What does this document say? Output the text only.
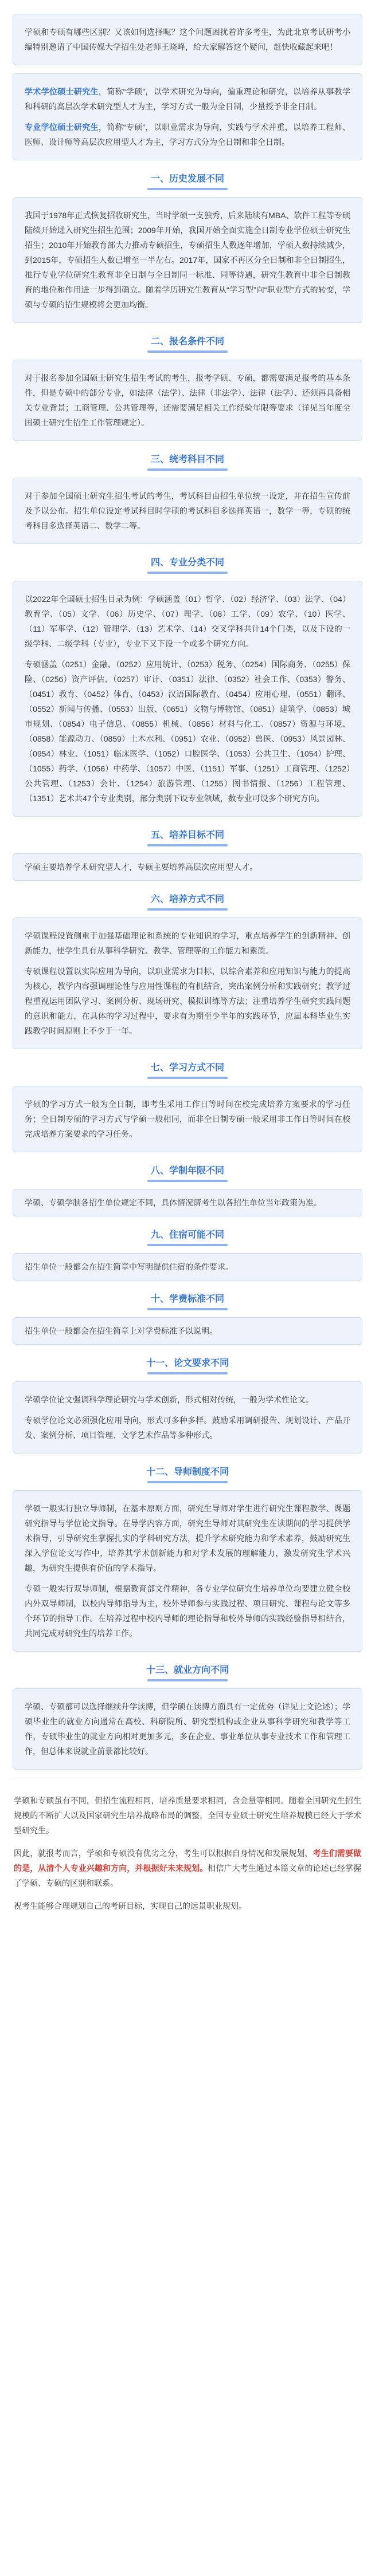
学硕和专硕有哪些区别？又该如何选择呢？这个问题困扰着许多考生，为此北京考试研考小编特别邀请了中国传媒大学招生处老师王晓峰，给大家解答这个疑问，赶快收藏起来吧！

学术学位硕士研究生，简称“学硕”，以学术研究为导向，偏重理论和研究，以培养从事教学和科研的高层次学术研究型人才为主，学习方式一般为全日制，少量授予非全日制。

专业学位硕士研究生，简称“专硕”，以职业需求为导向，实践与学术并重，以培养工程师、医师、设计师等高层次应用型人才为主，学习方式分为全日制和非全日制。

一、历史发展不同

我国于1978年正式恢复招收研究生，当时学硕一支独秀，后来陆续有MBA、软件工程等专硕陆续开始进入研究生招生范围；2009年开始，我国开始全面实施全日制专业学位硕士研究生招生；2010年开始教育部大力推动专硕招生，专硕招生人数逐年增加，学硕人数持续减少，到2015年，专硕招生人数已增至一半左右。2017年，国家不再区分全日制和非全日制招生，推行专业学位研究生教育非全日制与全日制同一标准、同等待遇，研究生教育中非全日制教育的地位和作用进一步得到确立。随着学历研究生教育从“学习型”向“职业型”方式的转变，学硕与专硕的招生规模将会更加均衡。

二、报名条件不同

对于报名参加全国硕士研究生招生考试的考生，报考学硕、专硕，都需要满足报考的基本条件，但是专硕中的部分专业，如法律（法学）、法律（非法学）、法律（法学）、还须再具备相关专业背景；工商管理、公共管理等，还需要满足相关工作经验年限等要求（详见当年度全国硕士研究生招生工作管理规定）。

三、统考科目不同

对于参加全国硕士研究生招生考试的考生，考试科目由招生单位统一设定，并在招生宣传前及予以公布。招生单位设定考试科目时学硕的考试科目多选择英语一，数学一等，专硕的统考科目多选择英语二、数学二等。

四、专业分类不同

以2022年全国硕士招生目录为例：学硕涵盖（01）哲学、（02）经济学、（03）法学、（04）教育学、（05）文学、（06）历史学、（07）理学、（08）工学、（09）农学、（10）医学、（11）军事学、（12）管理学、（13）艺术学、（14）交叉学科共计14个门类，以及下设的一级学科、二级学科（专业），专业下又下设一个或多个研究方向。

专硕涵盖（0251）金融、（0252）应用统计、（0253）税务、（0254）国际商务、（0255）保险、（0256）资产评估、（0257）审计、（0351）法律、（0352）社会工作、（0353）警务、（0451）教育、（0452）体育、（0453）汉语国际教育、（0454）应用心理、（0551）翻译、（0552）新闻与传播、（0553）出版、（0651）文物与博物馆、（0851）建筑学、（0853）城市规划、（0854）电子信息、（0855）机械、（0856）材料与化工、（0857）资源与环境、（0858）能源动力、（0859）土木水利、（0951）农业、（0952）兽医、（0953）风景园林、（0954）林业、（1051）临床医学、（1052）口腔医学、（1053）公共卫生、（1054）护理、（1055）药学、（1056）中药学、（1057）中医、（1151）军事、（1251）工商管理、（1252）公共管理、（1253）会计、（1254）旅游管理、（1255）图书情报、（1256）工程管理、（1351）艺术共47个专业类别，部分类别下设专业领域，数专业可设多个研究方向。

五、培养目标不同

学硕主要培养学术研究型人才，专硕主要培养高层次应用型人才。

六、培养方式不同

学硕课程设置侧重于加强基础理论和系统的专业知识的学习，重点培养学生的创新精神、创新能力，使学生具有从事科学研究、教学、管理等的工作能力和素质。

专硕课程设置以实际应用为导向，以职业需求为目标，以综合素养和应用知识与能力的提高为核心，教学内容强调理论性与应用性课程的有机结合，突出案例分析和实践研究；教学过程重视运用团队学习、案例分析、现场研究、模拟训练等方法；注重培养学生研究实践问题的意识和能力，在具体的学习过程中，要求有为期至少半年的实践环节，应届本科毕业生实践教学时间原则上不少于一年。

七、学习方式不同

学硕的学习方式一般为全日制，即考生采用工作日等时间在校完成培养方案要求的学习任务；全日制专硕的学习方式与学硕一般相同，而非全日制专硕一般采用非工作日等时间在校完成培养方案要求的学习任务。

八、学制年限不同

学硕、专硕学制各招生单位规定不同，具体情况请考生以各招生单位当年政策为准。

九、住宿可能不同

招生单位一般都会在招生简章中写明提供住宿的条件要求。

十、学费标准不同

招生单位一般都会在招生简章上对学费标准予以说明。

十一、论文要求不同

学硕学位论文强调科学理论研究与学术创新，形式相对传统，一般为学术性论文。

专硕学位论文必须强化应用导向，形式可多种多样。鼓励采用调研报告、规划设计、产品开发、案例分析、项目管理、文学艺术作品等多种形式。

十二、导师制度不同

学硕一般实行独立导师制，在基本原则方面，研究生导师对学生进行研究生课程教学、课题研究指导与学位论文指导。在导学内容方面，研究生导师对其研究生在读期间的学习提供学术指导，引导研究生掌握扎实的学科研究方法，提升学术研究能力和学术素养，鼓励研究生深入学位论文写作中，培养其学术创新能力和对学术发展的理解能力，激发研究生学术兴趣，为研究生提供有价值的学术指导。

专硕一般实行双导师制，根据教育部文件精神，各专业学位研究生培养单位均要建立健全校内外双导师制，以校内导师指导为主，校外导师参与实践过程、项目研究、课程与论文等多个环节的指导工作。在培养过程中校内导师的理论指导和校外导师的实践经验指导相结合，共同完成对研究生的培养工作。

十三、就业方向不同

学硕、专硕都可以选择继续升学读博，但学硕在读博方面具有一定优势（详见上文论述）；学硕毕业生的就业方向通常在高校、科研院所、研究型机构或企业从事科学研究和教学等工作，专硕毕业生的就业方向相对更加多元，多在企业、事业单位从事专业技术工作和管理工作，但总体来说就业前景都比较好。

学硕和专硕虽有不同，但招生流程相同，培养质量要求相同，含金量等相同。随着全国研究生招生规模的不断扩大以及国家研究生培养战略布局的调整，全国专业硕士研究生培养规模已经大于学术型研究生。

因此，就报考而言，学硕和专硕没有优劣之分，考生可以根据自身情况和发展规划，考生们需要做的是，从清个人专业兴趣和方向，并根据好未来规划。相信广大考生通过本篇文章的论述已经掌握了学硕、专硕的区别和联系。

祝考生能够合理规划自己的考研目标，实现自己的远景职业规划。
